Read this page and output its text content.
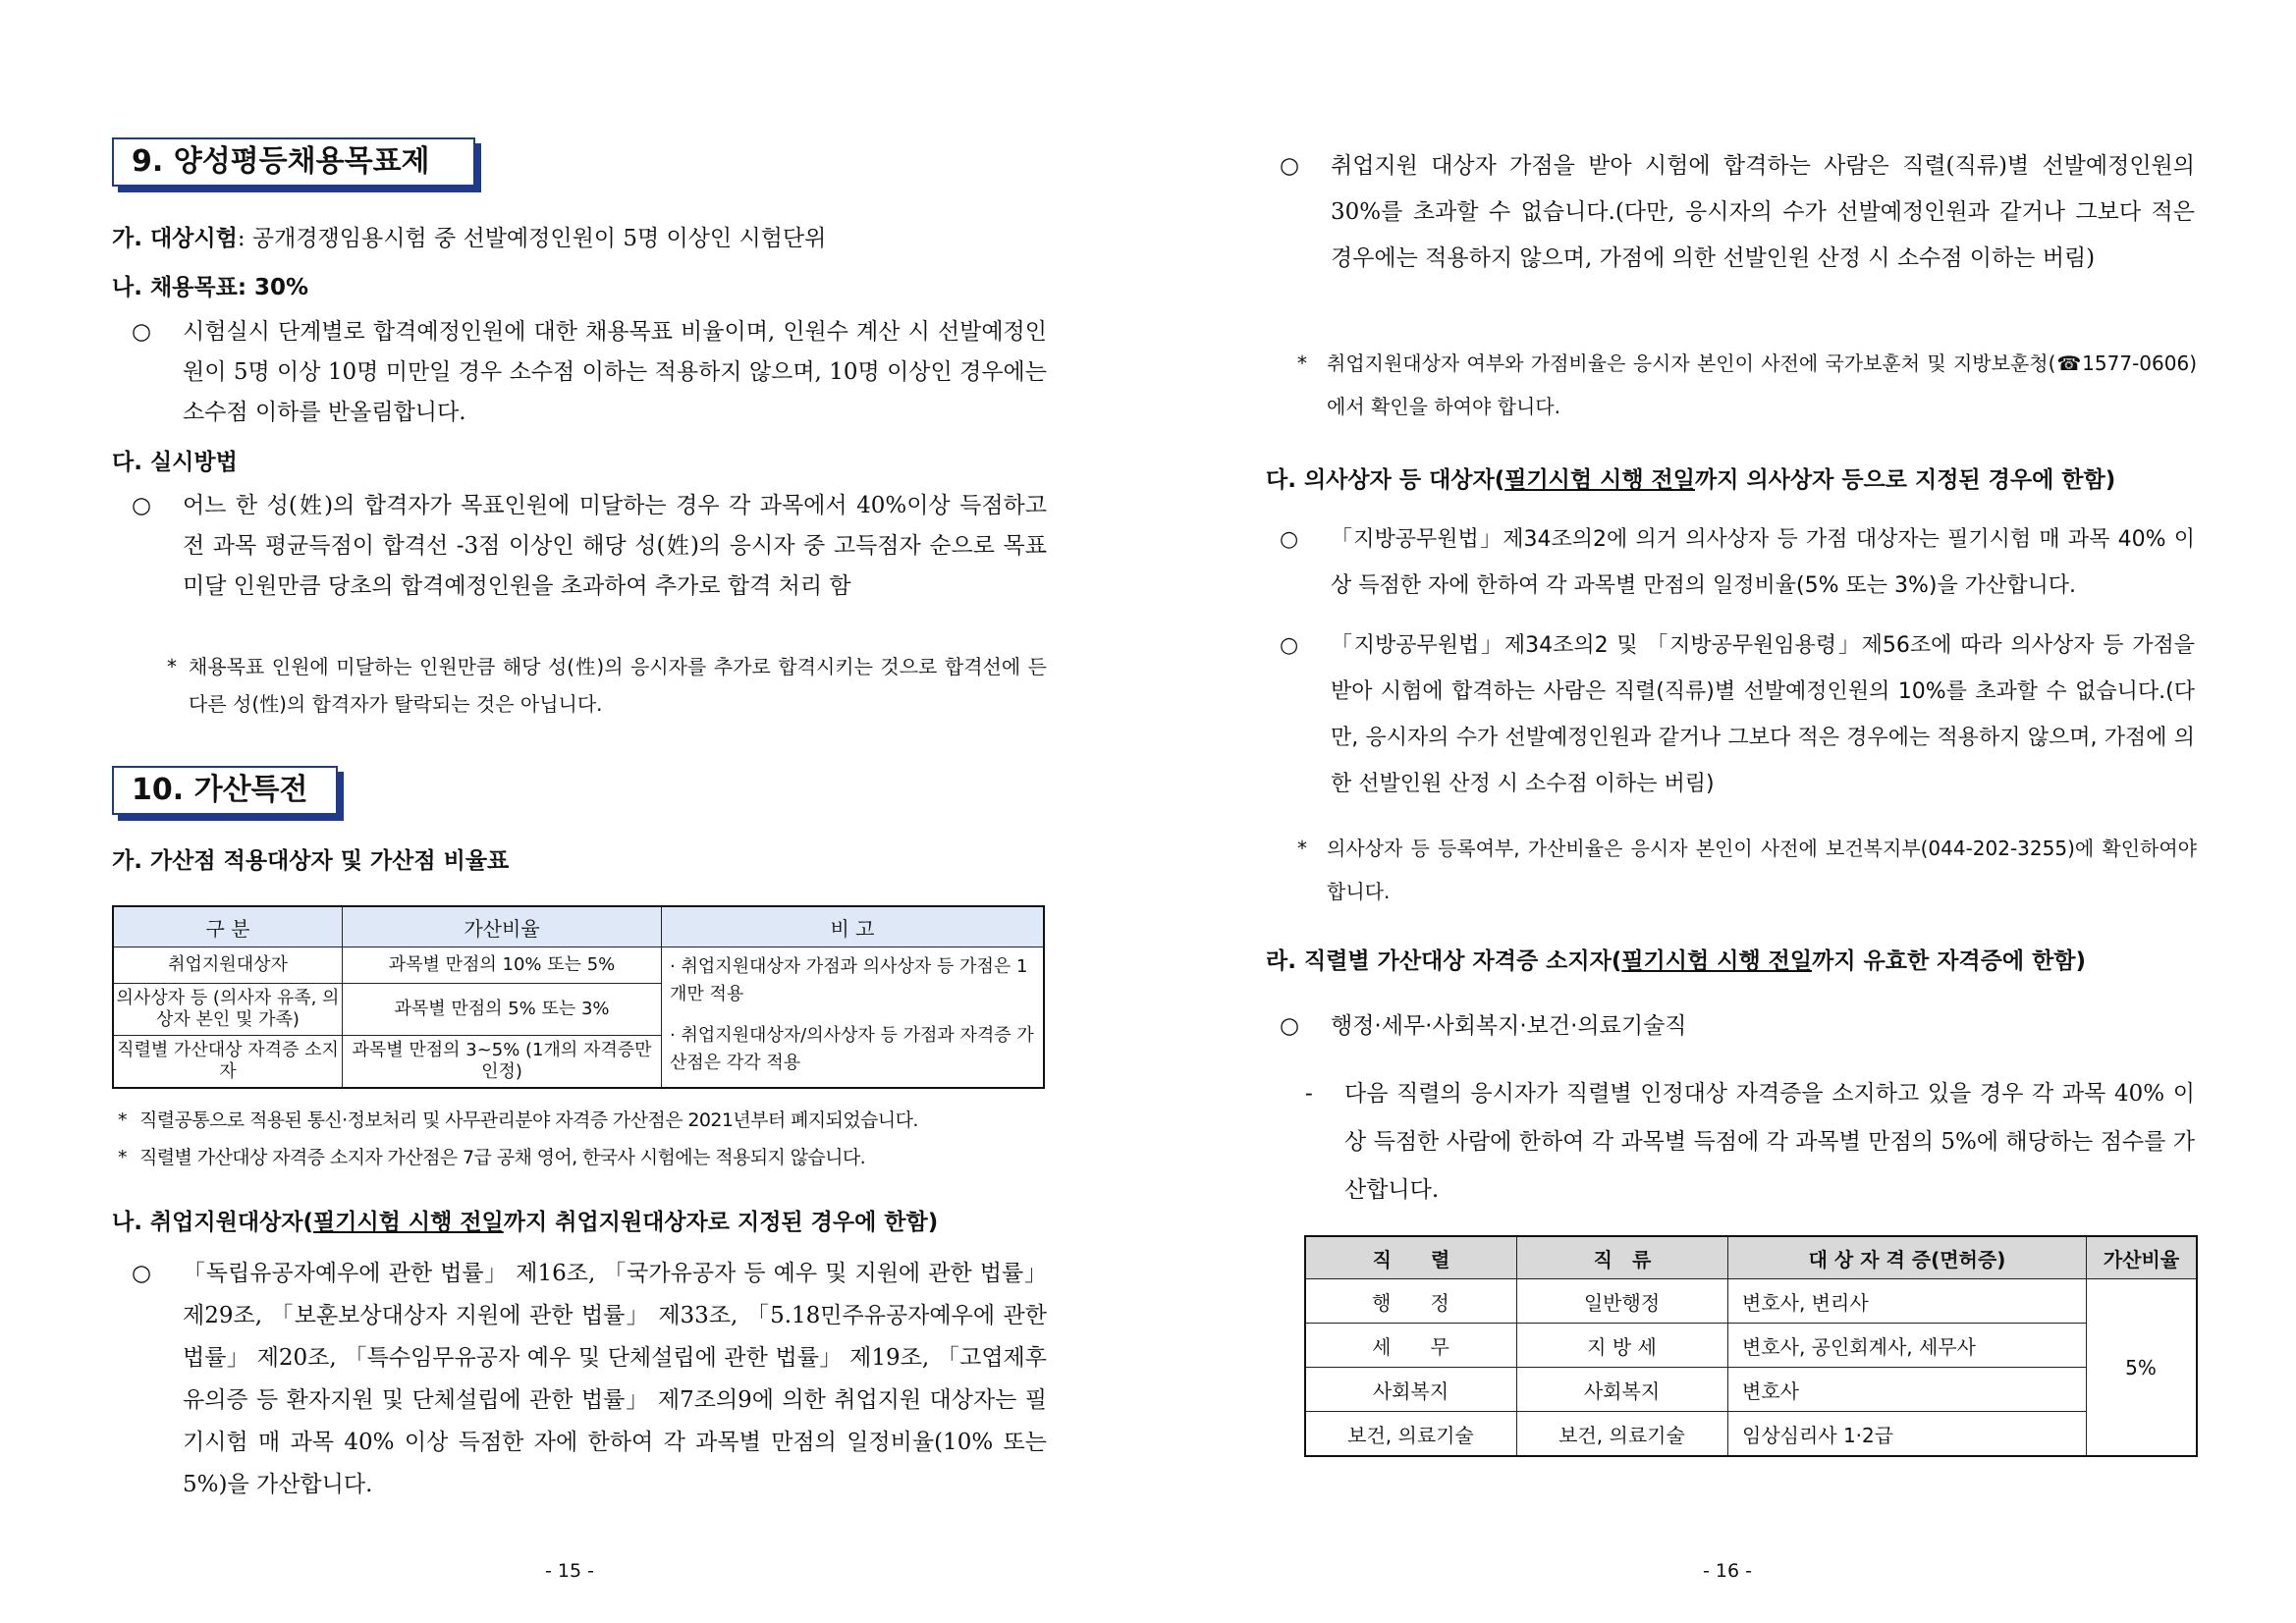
9. 양성평등채용목표제
가. 대상시험: 공개경쟁임용시험 중 선발예정인원이 5명 이상인 시험단위
나. 채용목표: 30%
○ 시험실시 단계별로 합격예정인원에 대한 채용목표 비율이며, 인원수 계산 시 선발예정인원이 5명 이상 10명 미만일 경우 소수점 이하는 적용하지 않으며, 10명 이상인 경우에는 소수점 이하를 반올림합니다.
다. 실시방법
○ 어느 한 성(姓)의 합격자가 목표인원에 미달하는 경우 각 과목에서 40%이상 득점하고 전 과목 평균득점이 합격선 -3점 이상인 해당 성(姓)의 응시자 중 고득점자 순으로 목표미달 인원만큼 당초의 합격예정인원을 초과하여 추가로 합격 처리 함
* 채용목표 인원에 미달하는 인원만큼 해당 성(性)의 응시자를 추가로 합격시키는 것으로 합격선에 든 다른 성(性)의 합격자가 탈락되는 것은 아닙니다.
10. 가산특전
가. 가산점 적용대상자 및 가산점 비율표
구 분	가산비율	비 고
취업지원대상자	과목별 만점의 10% 또는 5%	· 취업지원대상자 가점과 의사상자 등 가점은 1개만 적용
· 취업지원대상자/의사상자 등 가점과 자격증 가산점은 각각 적용

의사상자 등 (의사자 유족, 의상자 본인 및 가족)	과목별 만점의 5% 또는 3%	
직렬별 가산대상 자격증 소지자	과목별 만점의 3~5% (1개의 자격증만 인정)	
* 직렬공통으로 적용된 통신·정보처리 및 사무관리분야 자격증 가산점은 2021년부터 폐지되었습니다.
* 직렬별 가산대상 자격증 소지자 가산점은 7급 공채 영어, 한국사 시험에는 적용되지 않습니다.
나. 취업지원대상자(필기시험 시행 전일까지 취업지원대상자로 지정된 경우에 한함)
○ 「독립유공자예우에 관한 법률」 제16조, 「국가유공자 등 예우 및 지원에 관한 법률」 제29조, 「보훈보상대상자 지원에 관한 법률」 제33조, 「5.18민주유공자예우에 관한 법률」 제20조, 「특수임무유공자 예우 및 단체설립에 관한 법률」 제19조, 「고엽제후유의증 등 환자지원 및 단체설립에 관한 법률」 제7조의9에 의한 취업지원 대상자는 필기시험 매 과목 40% 이상 득점한 자에 한하여 각 과목별 만점의 일정비율(10% 또는 5%)을 가산합니다.
- 15 -
○ 취업지원 대상자 가점을 받아 시험에 합격하는 사람은 직렬(직류)별 선발예정인원의 30%를 초과할 수 없습니다.(다만, 응시자의 수가 선발예정인원과 같거나 그보다 적은 경우에는 적용하지 않으며, 가점에 의한 선발인원 산정 시 소수점 이하는 버림)
* 취업지원대상자 여부와 가점비율은 응시자 본인이 사전에 국가보훈처 및 지방보훈청(☎1577-0606)에서 확인을 하여야 합니다.
다. 의사상자 등 대상자(필기시험 시행 전일까지 의사상자 등으로 지정된 경우에 한함)
○ 「지방공무원법」제34조의2에 의거 의사상자 등 가점 대상자는 필기시험 매 과목 40% 이상 득점한 자에 한하여 각 과목별 만점의 일정비율(5% 또는 3%)을 가산합니다.
○ 「지방공무원법」제34조의2 및 「지방공무원임용령」제56조에 따라 의사상자 등 가점을 받아 시험에 합격하는 사람은 직렬(직류)별 선발예정인원의 10%를 초과할 수 없습니다.(다만, 응시자의 수가 선발예정인원과 같거나 그보다 적은 경우에는 적용하지 않으며, 가점에 의한 선발인원 산정 시 소수점 이하는 버림)
* 의사상자 등 등록여부, 가산비율은 응시자 본인이 사전에 보건복지부(044-202-3255)에 확인하여야 합니다.
라. 직렬별 가산대상 자격증 소지자(필기시험 시행 전일까지 유효한 자격증에 한함)
○ 행정·세무·사회복지·보건·의료기술직
- 다음 직렬의 응시자가 직렬별 인정대상 자격증을 소지하고 있을 경우 각 과목 40% 이상 득점한 사람에 한하여 각 과목별 득점에 각 과목별 만점의 5%에 해당하는 점수를 가산합니다.
직　　렬	직　류	대 상 자 격 증(면허증)	가산비율
행　　정	일반행정	변호사, 변리사	5%
세　　무	지 방 세	변호사, 공인회계사, 세무사	
사회복지	사회복지	변호사	
보건, 의료기술	보건, 의료기술	임상심리사 1·2급	
- 16 -
